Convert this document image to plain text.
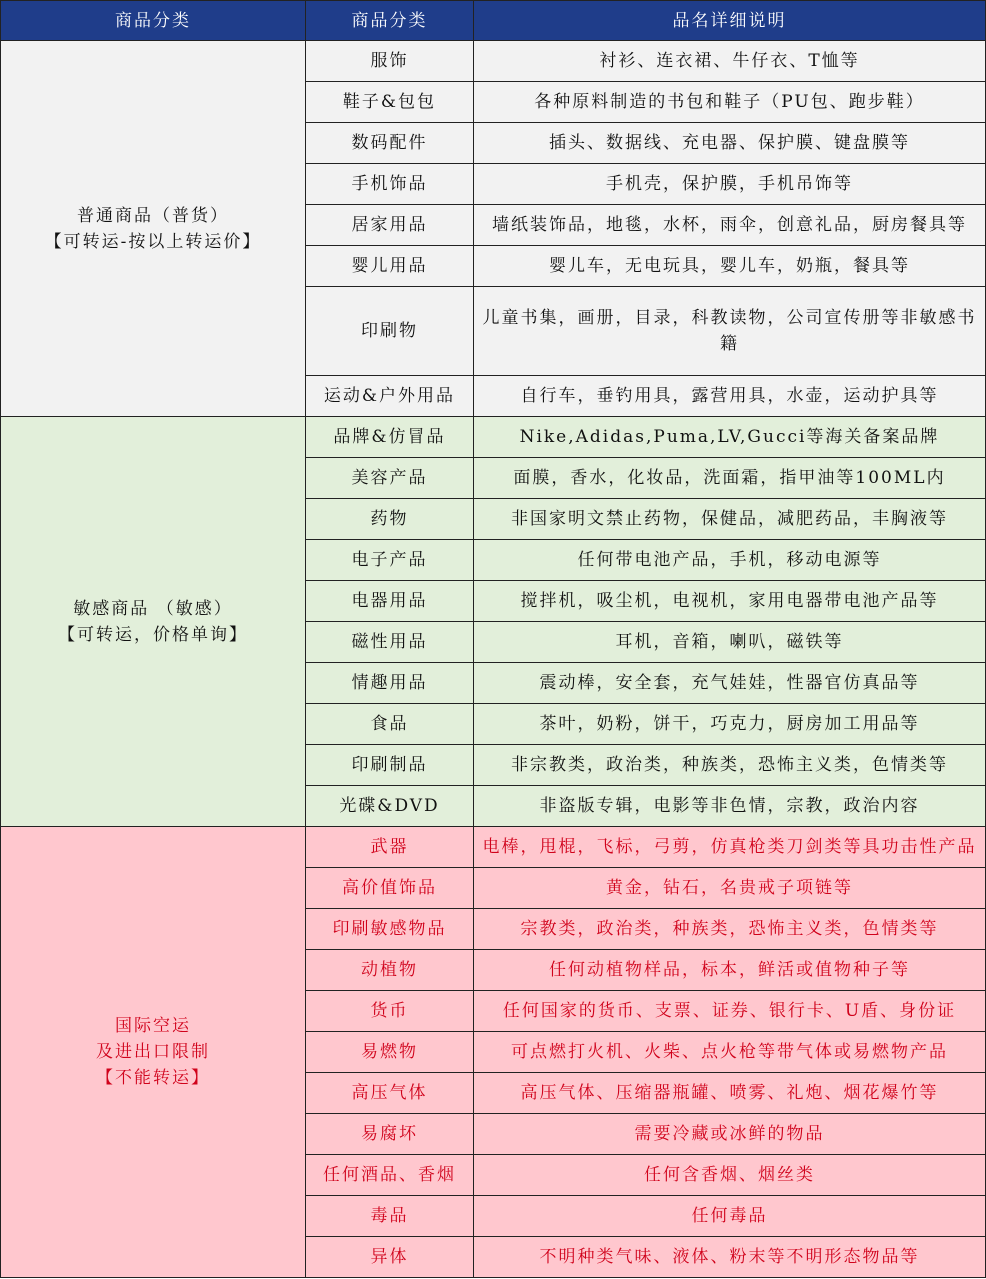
商品分类	商品分类	品名详细说明

普通商品（普货）
【可转运-按以上转运价】	服饰	衬衫、连衣裙、牛仔衣、T恤等

	鞋子&包包	各种原料制造的书包和鞋子（PU包、跑步鞋）

	数码配件	插头、数据线、充电器、保护膜、键盘膜等

	手机饰品	手机壳，保护膜，手机吊饰等

	居家用品	墙纸装饰品，地毯，水杯，雨伞，创意礼品，厨房餐具等

	婴儿用品	婴儿车，无电玩具，婴儿车，奶瓶，餐具等

	印刷物	儿童书集，画册，目录，科教读物，公司宣传册等非敏感书籍

	运动&户外用品	自行车，垂钓用具，露营用具，水壶，运动护具等

敏感商品 （敏感）
【可转运，价格单询】	品牌&仿冒品	Nike,Adidas,Puma,LV,Gucci等海关备案品牌

	美容产品	面膜，香水，化妆品，洗面霜，指甲油等100ML内

	药物	非国家明文禁止药物，保健品，减肥药品，丰胸液等

	电子产品	任何带电池产品，手机，移动电源等

	电器用品	搅拌机，吸尘机，电视机，家用电器带电池产品等

	磁性用品	耳机，音箱，喇叭，磁铁等

	情趣用品	震动棒，安全套，充气娃娃，性器官仿真品等

	食品	茶叶，奶粉，饼干，巧克力，厨房加工用品等

	印刷制品	非宗教类，政治类，种族类，恐怖主义类，色情类等

	光碟&DVD	非盗版专辑，电影等非色情，宗教，政治内容

国际空运
及进出口限制
【不能转运】	武器	电棒，甩棍，飞标，弓剪，仿真枪类刀剑类等具功击性产品

	高价值饰品	黄金，钻石，名贵戒子项链等

	印刷敏感物品	宗教类，政治类，种族类，恐怖主义类，色情类等

	动植物	任何动植物样品，标本，鲜活或值物种子等

	货币	任何国家的货币、支票、证券、银行卡、U盾、身份证

	易燃物	可点燃打火机、火柴、点火枪等带气体或易燃物产品

	高压气体	高压气体、压缩器瓶罐、喷雾、礼炮、烟花爆竹等

	易腐坏	需要冷藏或冰鲜的物品

	任何酒品、香烟	任何含香烟、烟丝类

	毒品	任何毒品

	异体	不明种类气味、液体、粉末等不明形态物品等
